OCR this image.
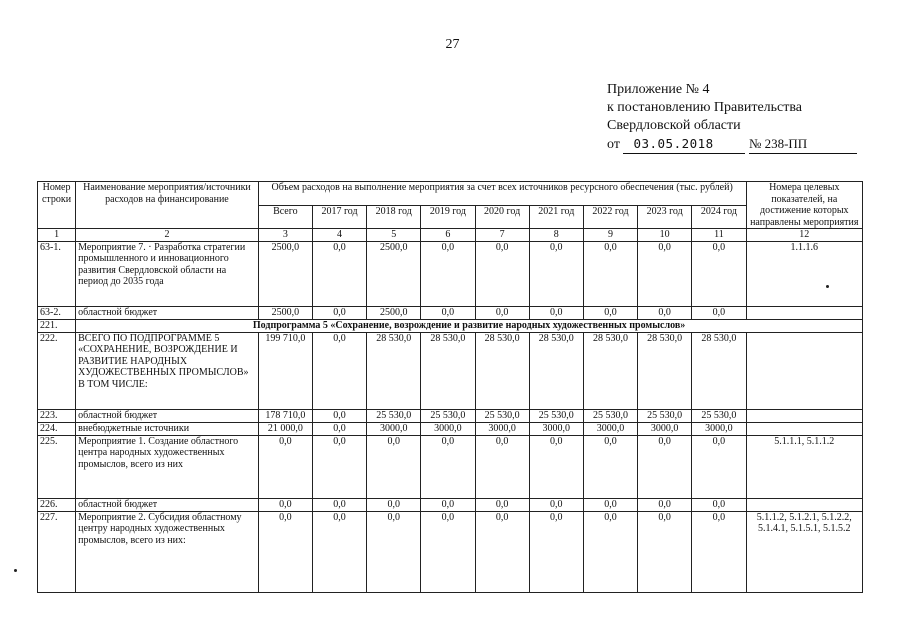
27
Приложение № 4
к постановлению Правительства
Свердловской области
от 03.05.2018	№ 238-ПП
Номер строки	Наименование мероприятия/источники расходов на финансирование	Объем расходов на выполнение мероприятия за счет всех источников ресурсного обеспечения (тыс. рублей)									Номера целевых показателей, на достижение которых направлены мероприятия
		Всего	2017 год	2018 год	2019 год	2020 год	2021 год	2022 год	2023 год	2024 год	
1	2	3	4	5	6	7	8	9	10	11	12
63-1.	Мероприятие 7. · Разработка стратегии промышленного и инновационного развития Свердловской области на период до 2035 года	2500,0	0,0	2500,0	0,0	0,0	0,0	0,0	0,0	0,0	1.1.1.6
63-2.	областной бюджет	2500,0	0,0	2500,0	0,0	0,0	0,0	0,0	0,0	0,0	
221.	Подпрограмма 5 «Сохранение, возрождение и развитие народных художественных промыслов»										
222.	ВСЕГО ПО ПОДПРОГРАММЕ 5 «СОХРАНЕНИЕ, ВОЗРОЖДЕНИЕ И РАЗВИТИЕ НАРОДНЫХ ХУДОЖЕСТВЕННЫХ ПРОМЫСЛОВ» В ТОМ ЧИСЛЕ:	199 710,0	0,0	28 530,0	28 530,0	28 530,0	28 530,0	28 530,0	28 530,0	28 530,0	
223.	областной бюджет	178 710,0	0,0	25 530,0	25 530,0	25 530,0	25 530,0	25 530,0	25 530,0	25 530,0	
224.	внебюджетные источники	21 000,0	0,0	3000,0	3000,0	3000,0	3000,0	3000,0	3000,0	3000,0	
225.	Мероприятие 1. Создание областного центра народных художественных промыслов, всего из них	0,0	0,0	0,0	0,0	0,0	0,0	0,0	0,0	0,0	5.1.1.1, 5.1.1.2
226.	областной бюджет	0,0	0,0	0,0	0,0	0,0	0,0	0,0	0,0	0,0	
227.	Мероприятие 2. Субсидия областному центру народных художественных промыслов, всего из них:	0,0	0,0	0,0	0,0	0,0	0,0	0,0	0,0	0,0	5.1.1.2, 5.1.2.1, 5.1.2.2, 5.1.4.1, 5.1.5.1, 5.1.5.2
